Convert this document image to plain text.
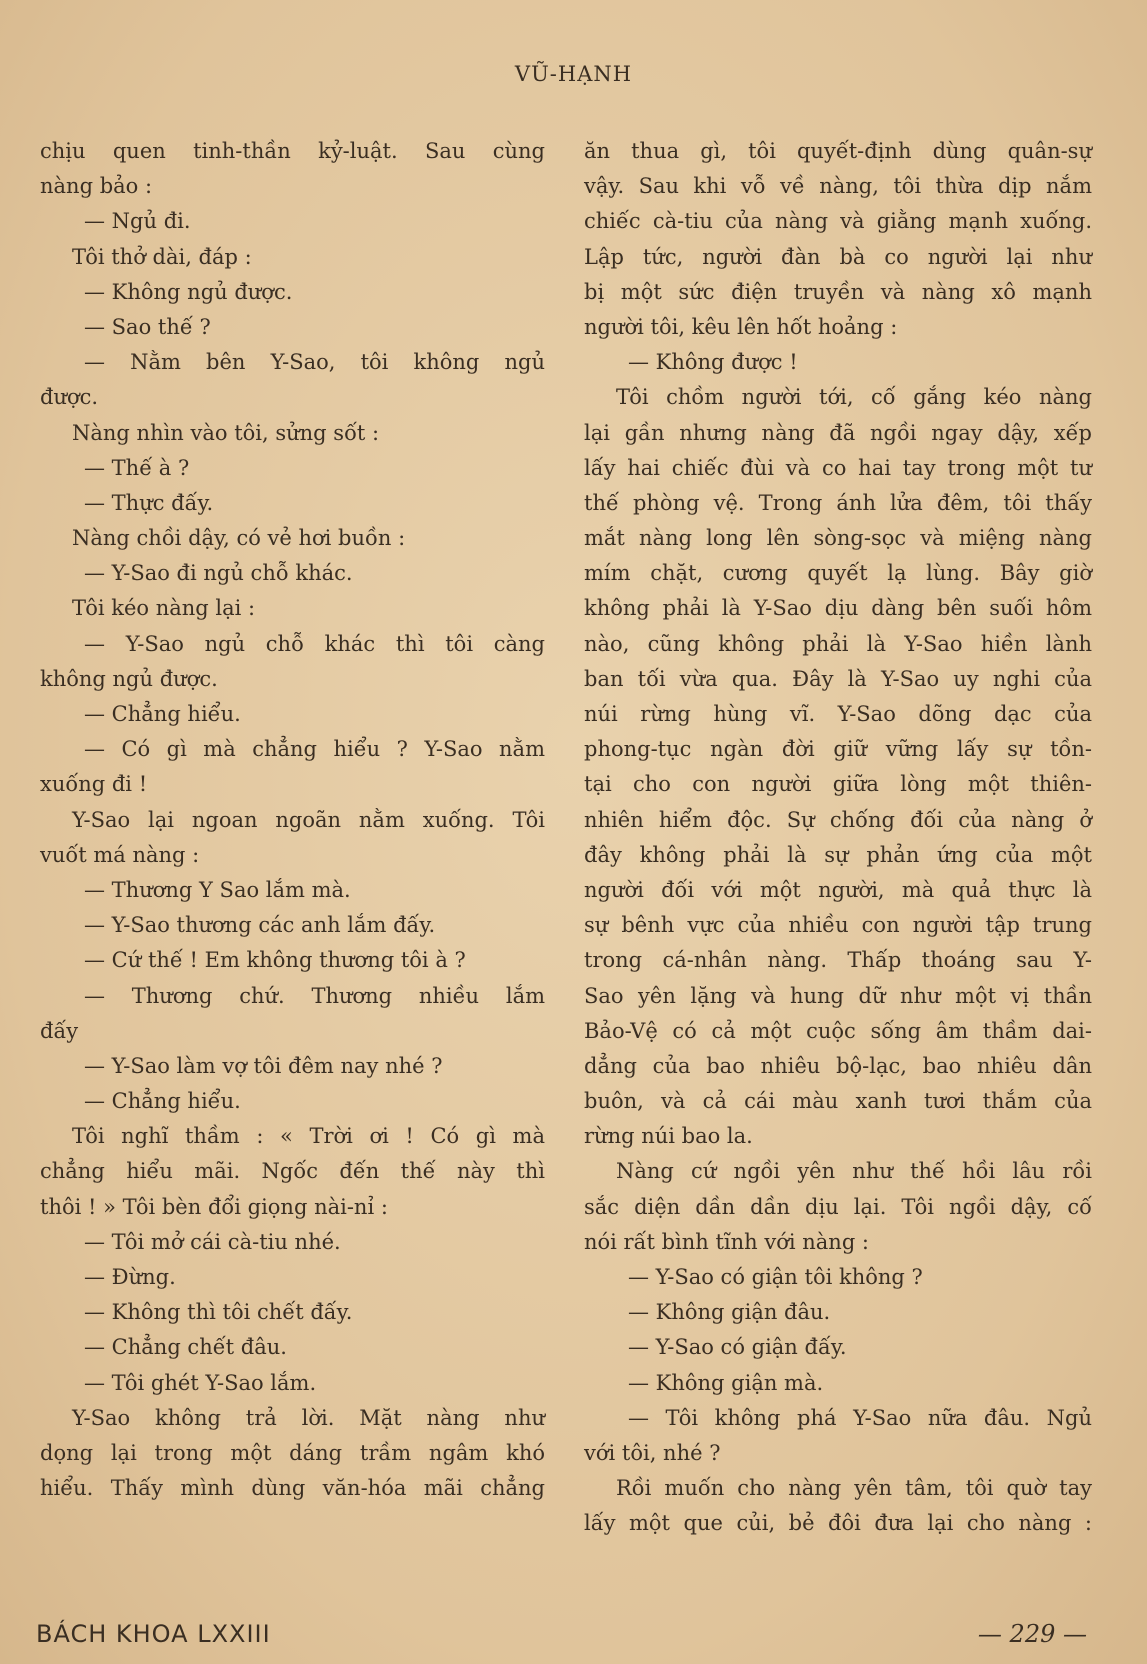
VŨ-HẠNH
chịu quen tinh-thần kỷ-luật. Sau cùng
nàng bảo :
— Ngủ đi.
Tôi thở dài, đáp :
— Không ngủ được.
— Sao thế ?
— Nằm bên Y-Sao, tôi không ngủ
được.
Nàng nhìn vào tôi, sửng sốt :
— Thế à ?
— Thực đấy.
Nàng chồi dậy, có vẻ hơi buồn :
— Y-Sao đi ngủ chỗ khác.
Tôi kéo nàng lại :
— Y-Sao ngủ chỗ khác thì tôi càng
không ngủ được.
— Chẳng hiểu.
— Có gì mà chẳng hiểu ? Y-Sao nằm
xuống đi !
Y-Sao lại ngoan ngoãn nằm xuống. Tôi
vuốt má nàng :
— Thương Y Sao lắm mà.
— Y-Sao thương các anh lắm đấy.
— Cứ thế ! Em không thương tôi à ?
— Thương chứ. Thương nhiều lắm
đấy
— Y-Sao làm vợ tôi đêm nay nhé ?
— Chẳng hiểu.
Tôi nghĩ thầm : « Trời ơi ! Có gì mà
chẳng hiểu mãi. Ngốc đến thế này thì
thôi ! » Tôi bèn đổi giọng nài-nỉ :
— Tôi mở cái cà-tiu nhé.
— Đừng.
— Không thì tôi chết đấy.
— Chẳng chết đâu.
— Tôi ghét Y-Sao lắm.
Y-Sao không trả lời. Mặt nàng như
dọng lại trong một dáng trầm ngâm khó
hiểu. Thấy mình dùng văn-hóa mãi chẳng
ăn thua gì, tôi quyết-định dùng quân-sự
vậy. Sau khi vỗ về nàng, tôi thừa dịp nắm
chiếc cà-tiu của nàng và giằng mạnh xuống.
Lập tức, người đàn bà co người lại như
bị một sức điện truyền và nàng xô mạnh
người tôi, kêu lên hốt hoảng :
— Không được !
Tôi chồm người tới, cố gắng kéo nàng
lại gần nhưng nàng đã ngồi ngay dậy, xếp
lấy hai chiếc đùi và co hai tay trong một tư
thế phòng vệ. Trong ánh lửa đêm, tôi thấy
mắt nàng long lên sòng-sọc và miệng nàng
mím chặt, cương quyết lạ lùng. Bây giờ
không phải là Y-Sao dịu dàng bên suối hôm
nào, cũng không phải là Y-Sao hiền lành
ban tối vừa qua. Đây là Y-Sao uy nghi của
núi rừng hùng vĩ. Y-Sao dõng dạc của
phong-tục ngàn đời giữ vững lấy sự tồn-
tại cho con người giữa lòng một thiên-
nhiên hiểm độc. Sự chống đối của nàng ở
đây không phải là sự phản ứng của một
người đối với một người, mà quả thực là
sự bênh vực của nhiều con người tập trung
trong cá-nhân nàng. Thấp thoáng sau Y-
Sao yên lặng và hung dữ như một vị thần
Bảo-Vệ có cả một cuộc sống âm thầm dai-
dẳng của bao nhiêu bộ-lạc, bao nhiêu dân
buôn, và cả cái màu xanh tươi thắm của
rừng núi bao la.
Nàng cứ ngồi yên như thế hồi lâu rồi
sắc diện dần dần dịu lại. Tôi ngồi dậy, cố
nói rất bình tĩnh với nàng :
— Y-Sao có giận tôi không ?
— Không giận đâu.
— Y-Sao có giận đấy.
— Không giận mà.
— Tôi không phá Y-Sao nữa đâu. Ngủ
với tôi, nhé ?
Rồi muốn cho nàng yên tâm, tôi quờ tay
lấy một que củi, bẻ đôi đưa lại cho nàng :
BÁCH KHOA LXXIII	— 229 —
